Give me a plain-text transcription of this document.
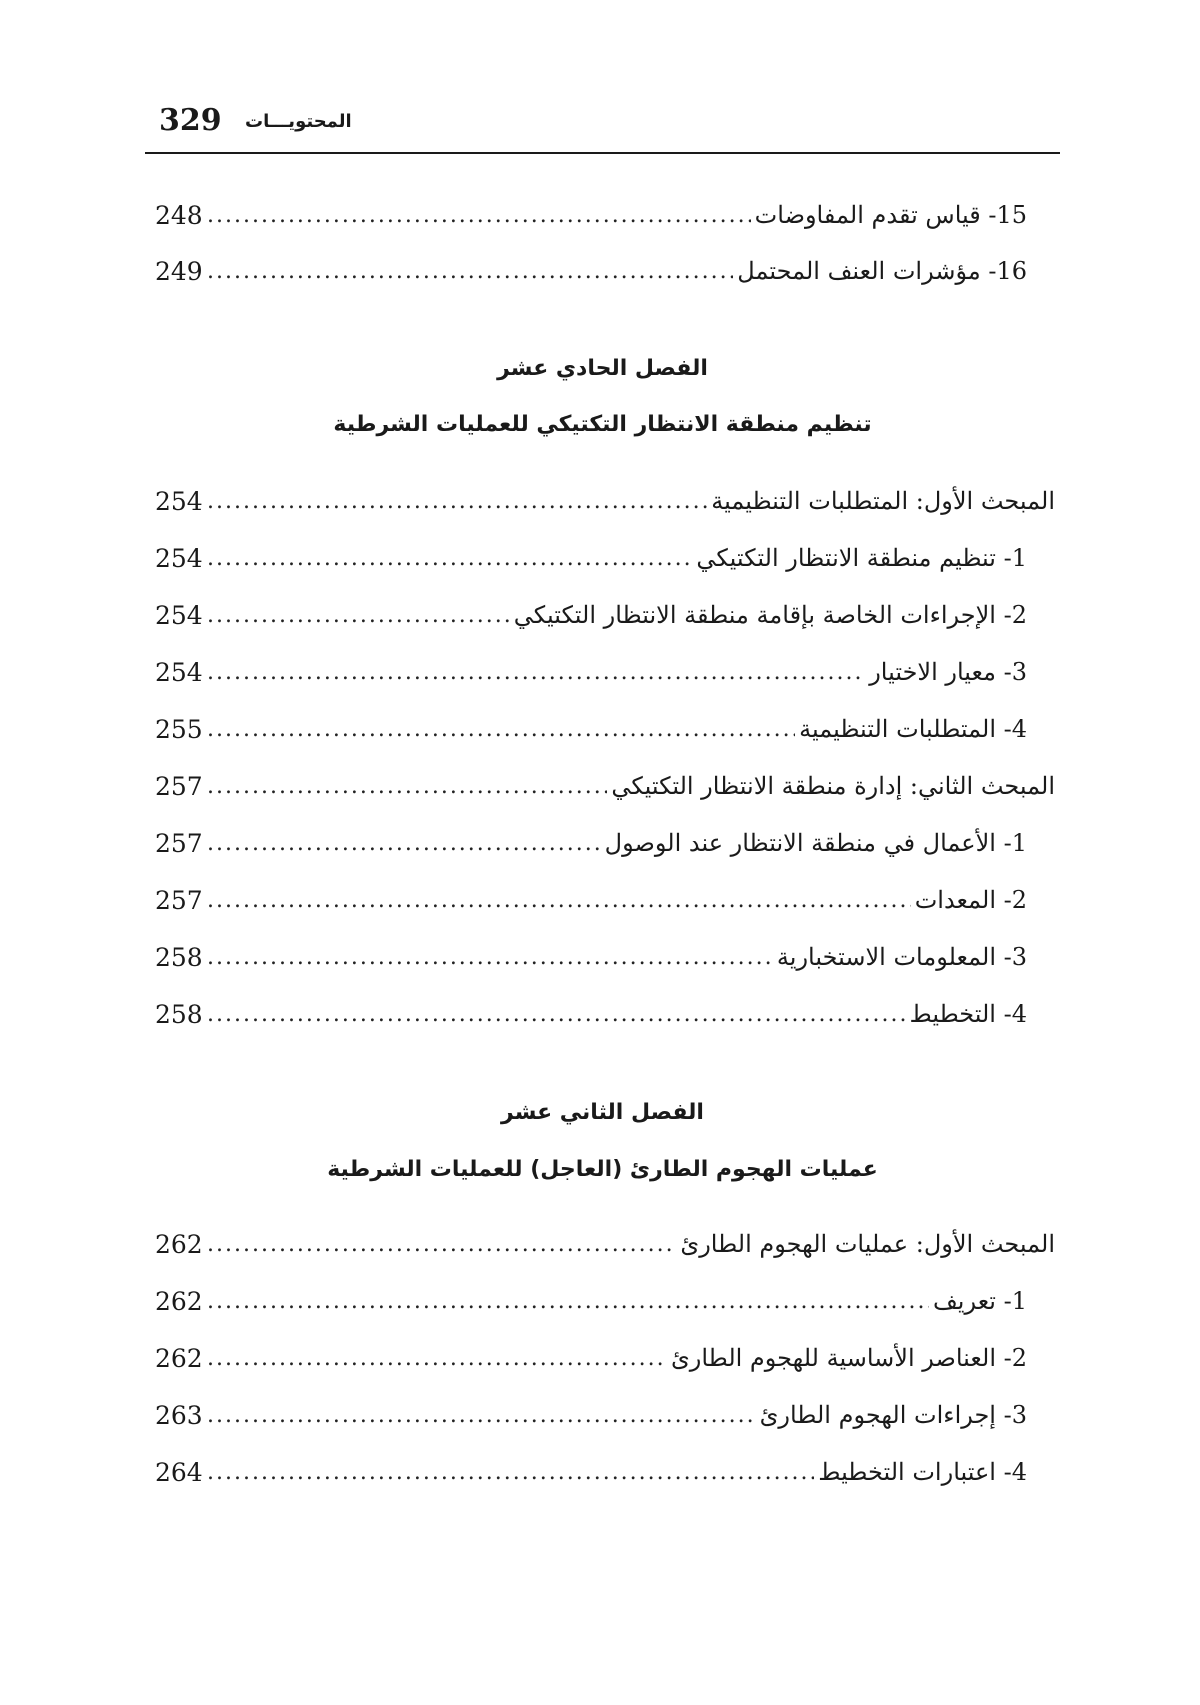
329 المحتويـــات
15- قياس تقدم المفاوضات
.....
248
16- مؤشرات العنف المحتمل
.....
249
الفصل الحادي عشر
تنظيم منطقة الانتظار التكتيكي للعمليات الشرطية
المبحث الأول: المتطلبات التنظيمية
.....
254
1- تنظيم منطقة الانتظار التكتيكي
.....
254
2- الإجراءات الخاصة بإقامة منطقة الانتظار التكتيكي
.....
254
3- معيار الاختيار
.....
254
4- المتطلبات التنظيمية
.....
255
المبحث الثاني: إدارة منطقة الانتظار التكتيكي
.....
257
1- الأعمال في منطقة الانتظار عند الوصول
.....
257
2- المعدات
.....
257
3- المعلومات الاستخبارية
.....
258
4- التخطيط
.....
258
الفصل الثاني عشر
عمليات الهجوم الطارئ (العاجل) للعمليات الشرطية
المبحث الأول: عمليات الهجوم الطارئ
.....
262
1- تعريف
.....
262
2- العناصر الأساسية للهجوم الطارئ
.....
262
3- إجراءات الهجوم الطارئ
.....
263
4- اعتبارات التخطيط
.....
264
